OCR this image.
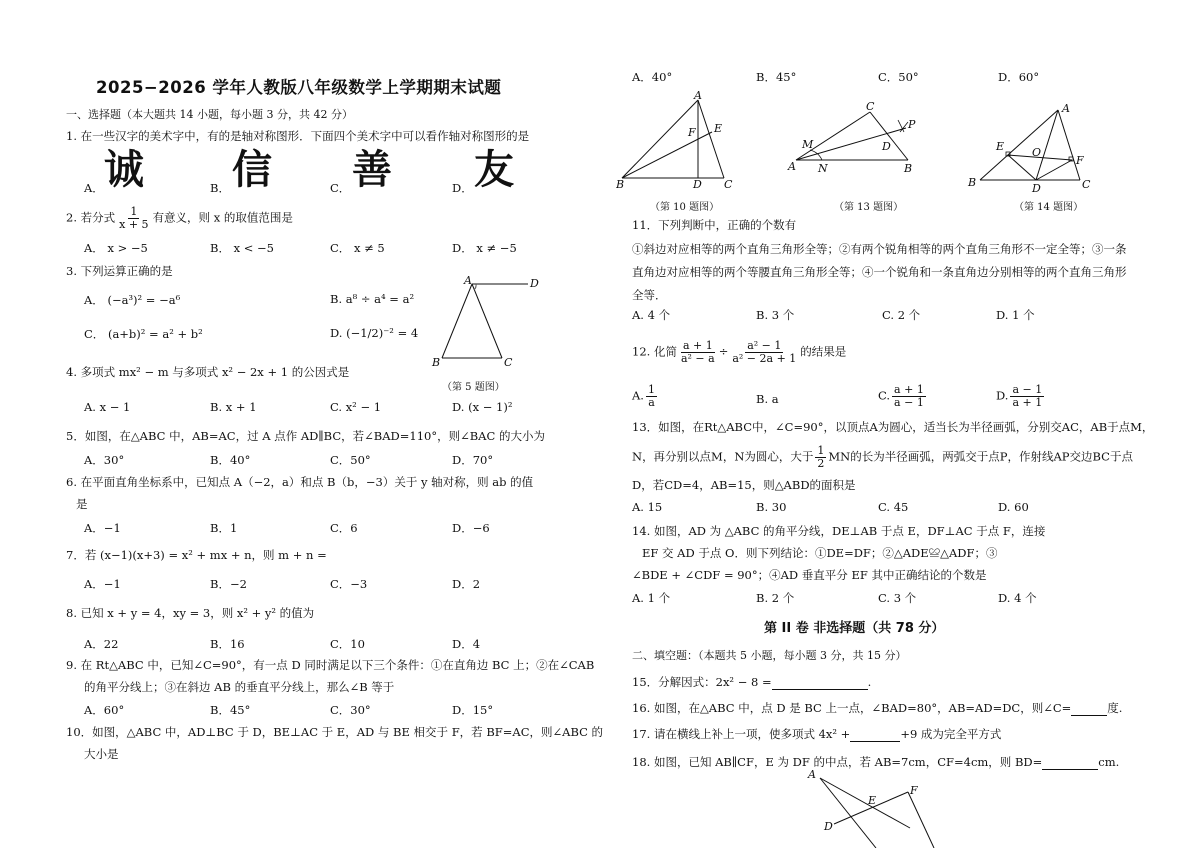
2025−2026 学年人教版八年级数学上学期期末试题
一、选择题（本大题共 14 小题，每小题 3 分，共 42 分）
1. 在一些汉字的美术字中，有的是轴对称图形．下面四个美术字中可以看作轴对称图形的是
A． 诚	B． 信	C． 善	D． 友
2. 若分式 $\frac{1}{x + 5}$ 有意义，则 x 的取值范围是
A． x > −5	B． x < −5	C． x ≠ 5	D． x ≠ −5
3. 下列运算正确的是
A． (−a³)² = −a⁶	B. a⁸ ÷ a⁴ = a²
C． (a+b)² = a² + b²	D. (−1/2)⁻² = 4
A	D
B	C
（第 5 题图）
4. 多项式 mx² − m 与多项式 x² − 2x + 1 的公因式是
A. x − 1	B. x + 1	C. x² − 1	D. (x − 1)²
5．如图，在△ABC 中，AB=AC，过 A 点作 AD∥BC，若∠BAD=110°，则∠BAC 的大小为
A．30°	B．40°	C．50°	D．70°
6. 在平面直角坐标系中，已知点 A（−2，a）和点 B（b，−3）关于 y 轴对称，则 ab 的值
是
A．−1	B．1	C．6	D．−6
7．若 (x−1)(x+3) = x² + mx + n，则 m + n =
A．−1	B．−2	C．−3	D．2
8. 已知 x + y = 4，xy = 3，则 x² + y² 的值为
A．22	B．16	C．10	D．4
9. 在 Rt△ABC 中，已知∠C=90°，有一点 D 同时满足以下三个条件：①在直角边 BC 上；②在∠CAB
的角平分线上；③在斜边 AB 的垂直平分线上，那么∠B 等于
A．60°	B．45°	C．30°	D．15°
10．如图，△ABC 中，AD⊥BC 于 D，BE⊥AC 于 E，AD 与 BE 相交于 F，若 BF=AC，则∠ABC 的
大小是
A．40°	B．45°	C．50°	D．60°
A
E
F
B	D C
（第 10 题图）
C
M	D
P
A N	B
（第 13 题图）
A
E	O
F
B	D	C
（第 14 题图）
11．下列判断中，正确的个数有
①斜边对应相等的两个直角三角形全等；②有两个锐角相等的两个直角三角形不一定全等；③一条直角边对应相等的两个等腰直角三角形全等；④一个锐角和一条直角边分别相等的两个直角三角形全等．
A. 4 个	B. 3 个	C. 2 个	D. 1 个
12. 化简 $\frac{a + 1}{\text{a² − a}} \div \frac{\text{a² − 1}}{\text{a² − 2a + 1}}$ 的结果是
A. $\frac{1}{a}$	B. a	C. $\frac{a + 1}{a - 1}$	D. $\frac{a - 1}{a + 1}$
13．如图，在Rt△ABC中，∠C=90°，以顶点A为圆心，适当长为半径画弧，分别交AC，AB于点M，
N，再分别以点M，N为圆心，大于 $\frac{1}{2}$ MN的长为半径画弧，两弧交于点P，作射线AP交边BC于点
D，若CD=4，AB=15，则△ABD的面积是
A. 15	B. 30	C. 45	D. 60
14. 如图，AD 为 △ABC 的角平分线，DE⊥AB 于点 E，DF⊥AC 于点 F，连接
EF 交 AD 于点 O．则下列结论：①DE=DF；②△ADE≌△ADF；③
∠BDE + ∠CDF = 90°；④AD 垂直平分 EF 其中正确结论的个数是
A. 1 个	B. 2 个	C. 3 个	D. 4 个
第 II 卷 非选择题（共 78 分）
二、填空题：（本题共 5 小题，每小题 3 分，共 15 分）
15．分解因式：2x² − 8 =	.
16. 如图，在△ABC 中，点 D 是 BC 上一点，∠BAD=80°，AB=AD=DC，则∠C=	度.
17. 请在横线上补上一项，使多项式 4x² +	+9 成为完全平方式
18. 如图，已知 AB∥CF，E 为 DF 的中点，若 AB=7cm，CF=4cm，则 BD=	cm.
A
E
F
D
